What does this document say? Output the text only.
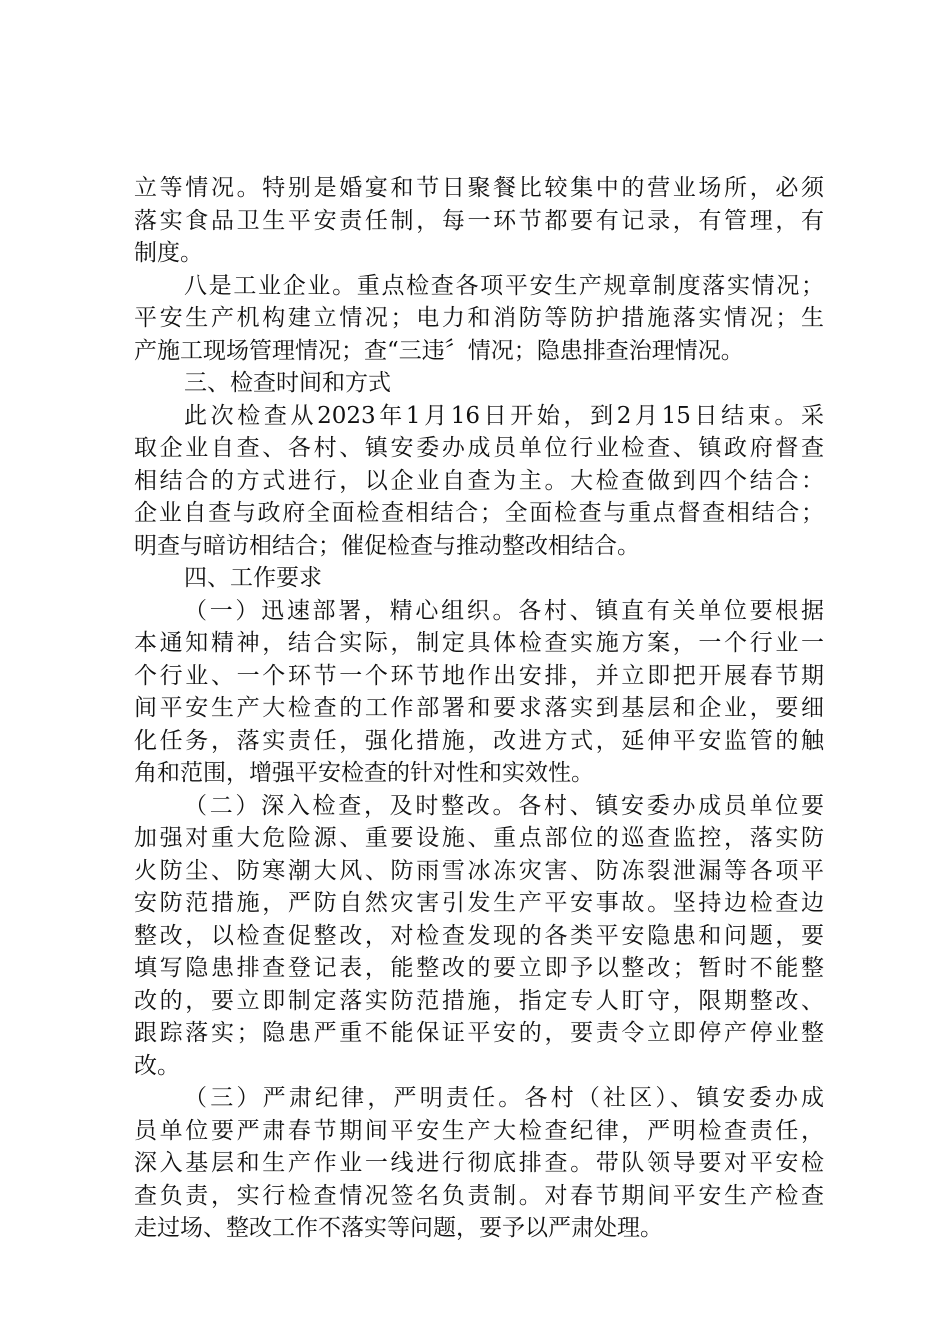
立等情况。特别是婚宴和节日聚餐比较集中的营业场所，必须
落实食品卫生平安责任制，每一环节都要有记录，有管理，有
制度。
八是工业企业。重点检查各项平安生产规章制度落实情况；
平安生产机构建立情况；电力和消防等防护措施落实情况；生
产施工现场管理情况；查“三违〞情况；隐患排查治理情况。
三、检查时间和方式
此次检查从2023年1月16日开始，到2月15日结束。采
取企业自查、各村、镇安委办成员单位行业检查、镇政府督查
相结合的方式进行，以企业自查为主。大检查做到四个结合：
企业自查与政府全面检查相结合；全面检查与重点督查相结合；
明查与暗访相结合；催促检查与推动整改相结合。
四、工作要求
（一）迅速部署，精心组织。各村、镇直有关单位要根据
本通知精神，结合实际，制定具体检查实施方案，一个行业一
个行业、一个环节一个环节地作出安排，并立即把开展春节期
间平安生产大检查的工作部署和要求落实到基层和企业，要细
化任务，落实责任，强化措施，改进方式，延伸平安监管的触
角和范围，增强平安检查的针对性和实效性。
（二）深入检查，及时整改。各村、镇安委办成员单位要
加强对重大危险源、重要设施、重点部位的巡查监控，落实防
火防尘、防寒潮大风、防雨雪冰冻灾害、防冻裂泄漏等各项平
安防范措施，严防自然灾害引发生产平安事故。坚持边检查边
整改，以检查促整改，对检查发现的各类平安隐患和问题，要
填写隐患排查登记表，能整改的要立即予以整改；暂时不能整
改的，要立即制定落实防范措施，指定专人盯守，限期整改、
跟踪落实；隐患严重不能保证平安的，要责令立即停产停业整
改。
（三）严肃纪律，严明责任。各村（社区）、镇安委办成
员单位要严肃春节期间平安生产大检查纪律，严明检查责任，
深入基层和生产作业一线进行彻底排查。带队领导要对平安检
查负责，实行检查情况签名负责制。对春节期间平安生产检查
走过场、整改工作不落实等问题，要予以严肃处理。
